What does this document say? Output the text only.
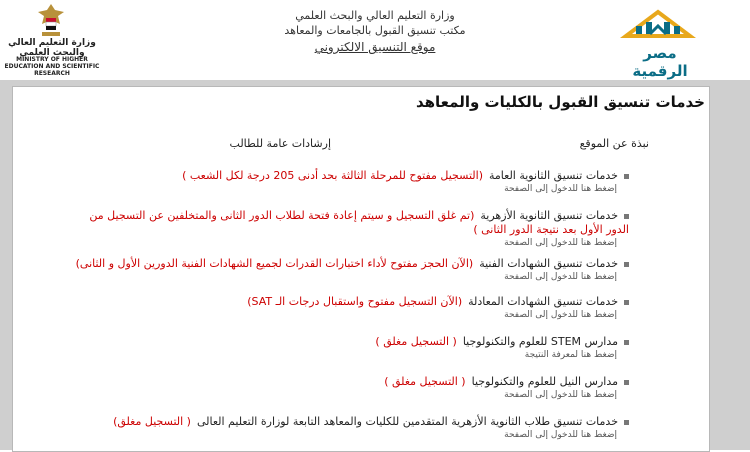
مصر الرقمية
وزارة التعليم العالي والبحث العلمي
مكتب تنسيق القبول بالجامعات والمعاهد
موقع التنسيق الالكتروني
وزارة التعليم العالي والبحث العلمي
MINISTRY OF HIGHER EDUCATION AND SCIENTIFIC RESEARCH
خدمات تنسيق القبول بالكليات والمعاهد
نبذة عن الموقع
إرشادات عامة للطالب
خدمات تنسيق الثانوية العامة(التسجيل مفتوح للمرحلة الثالثة بحد أدنى 205 درجة لكل الشعب )
إضغط هنا للدخول إلى الصفحة
خدمات تنسيق الثانوية الأزهرية(تم غلق التسجيل و سيتم إعادة فتحة لطلاب الدور الثانى والمتخلفين عن التسجيل من الدور الأول بعد نتيجة الدور الثانى )
إضغط هنا للدخول إلى الصفحة
خدمات تنسيق الشهادات الفنية(الآن الحجز مفتوح لأداء اختبارات القدرات لجميع الشهادات الفنية الدورين الأول و الثانى)
إضغط هنا للدخول إلى الصفحة
خدمات تنسيق الشهادات المعادلة(الآن التسجيل مفتوح واستقبال درجات الـ SAT)
إضغط هنا للدخول إلى الصفحة
مدارس STEM للعلوم والتكنولوجيا( التسجيل مغلق )
إضغط هنا لمعرفة النتيجة
مدارس النيل للعلوم والتكنولوجيا( التسجيل مغلق )
إضغط هنا للدخول إلى الصفحة
خدمات تنسيق طلاب الثانوية الأزهرية المتقدمين للكليات والمعاهد التابعة لوزارة التعليم العالى( التسجيل مغلق)
إضغط هنا للدخول إلى الصفحة
